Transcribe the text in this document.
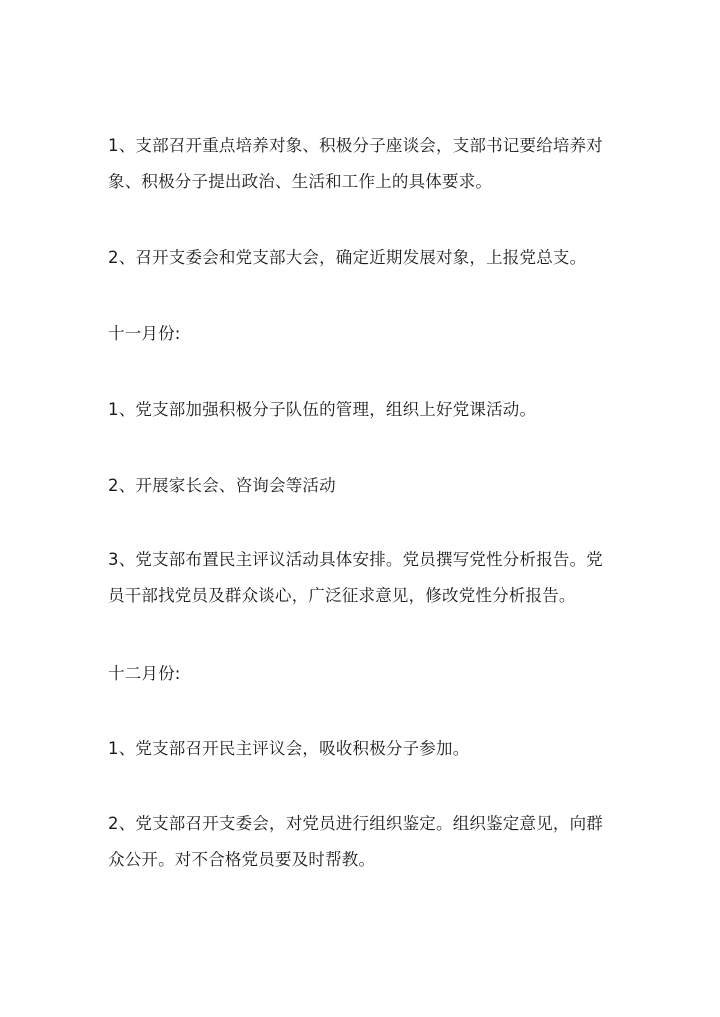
1、支部召开重点培养对象、积极分子座谈会，支部书记要给培养对象、积极分子提出政治、生活和工作上的具体要求。

2、召开支委会和党支部大会，确定近期发展对象，上报党总支。

十一月份:

1、党支部加强积极分子队伍的管理，组织上好党课活动。

2、开展家长会、咨询会等活动

3、党支部布置民主评议活动具体安排。党员撰写党性分析报告。党员干部找党员及群众谈心，广泛征求意见，修改党性分析报告。

十二月份:

1、党支部召开民主评议会，吸收积极分子参加。

2、党支部召开支委会，对党员进行组织鉴定。组织鉴定意见，向群众公开。对不合格党员要及时帮教。
